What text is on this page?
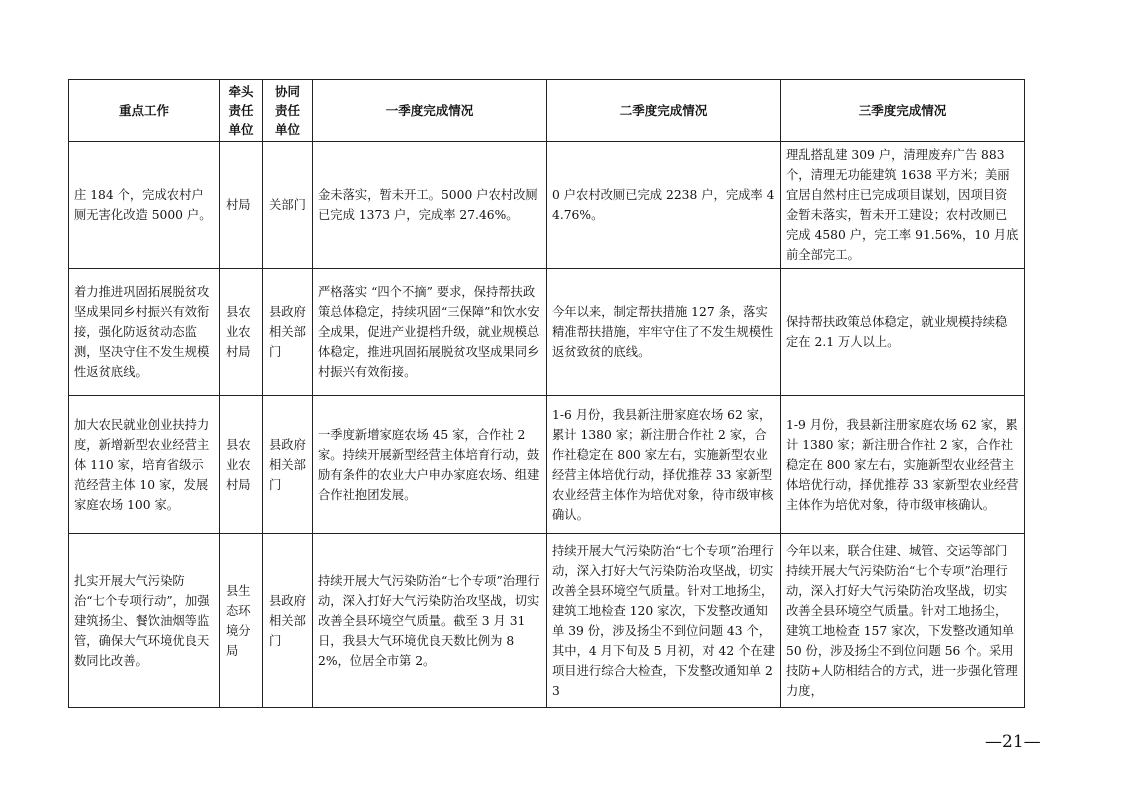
重点工作	牵头责任单位	协同责任单位	一季度完成情况	二季度完成情况	三季度完成情况
庄 184 个，完成农村户厕无害化改造 5000 户。	村局	关部门	金未落实，暂未开工。5000 户农村改厕已完成 1373 户，完成率 27.46%。	0 户农村改厕已完成 2238 户，完成率 44.76%。	理乱搭乱建 309 户，清理废弃广告 883 个，清理无功能建筑 1638 平方米；美丽宜居自然村庄已完成项目谋划，因项目资金暂未落实，暂未开工建设；农村改厕已完成 4580 户，完工率 91.56%，10 月底前全部完工。
着力推进巩固拓展脱贫攻坚成果同乡村振兴有效衔接，强化防返贫动态监测，坚决守住不发生规模性返贫底线。	县农业农村局	县政府相关部门	严格落实 “四个不摘” 要求，保持帮扶政策总体稳定，持续巩固“三保障”和饮水安全成果，促进产业提档升级，就业规模总体稳定，推进巩固拓展脱贫攻坚成果同乡村振兴有效衔接。	今年以来，制定帮扶措施 127 条，落实精准帮扶措施，牢牢守住了不发生规模性返贫致贫的底线。	保持帮扶政策总体稳定，就业规模持续稳定在 2.1 万人以上。
加大农民就业创业扶持力度，新增新型农业经营主体 110 家，培育省级示范经营主体 10 家，发展家庭农场 100 家。	县农业农村局	县政府相关部门	一季度新增家庭农场 45 家，合作社 2 家。持续开展新型经营主体培育行动，鼓励有条件的农业大户申办家庭农场、组建合作社抱团发展。	1-6 月份，我县新注册家庭农场 62 家，累计 1380 家；新注册合作社 2 家，合作社稳定在 800 家左右，实施新型农业经营主体培优行动，择优推荐 33 家新型农业经营主体作为培优对象，待市级审核确认。	1-9 月份，我县新注册家庭农场 62 家，累计 1380 家；新注册合作社 2 家，合作社稳定在 800 家左右，实施新型农业经营主体培优行动，择优推荐 33 家新型农业经营主体作为培优对象，待市级审核确认。
扎实开展大气污染防治“七个专项行动”，加强建筑扬尘、餐饮油烟等监管，确保大气环境优良天数同比改善。	县生态环境分局	县政府相关部门	持续开展大气污染防治“七个专项”治理行动，深入打好大气污染防治攻坚战，切实改善全县环境空气质量。截至 3 月 31 日，我县大气环境优良天数比例为 82%，位居全市第 2。	持续开展大气污染防治“七个专项”治理行动，深入打好大气污染防治攻坚战，切实改善全县环境空气质量。针对工地扬尘，建筑工地检查 120 家次，下发整改通知单 39 份，涉及扬尘不到位问题 43 个，其中，4 月下旬及 5 月初，对 42 个在建项目进行综合大检查，下发整改通知单 23	今年以来，联合住建、城管、交运等部门持续开展大气污染防治“七个专项”治理行动，深入打好大气污染防治攻坚战，切实改善全县环境空气质量。针对工地扬尘，建筑工地检查 157 家次，下发整改通知单 50 份，涉及扬尘不到位问题 56 个。采用技防+人防相结合的方式，进一步强化管理力度，
—21—
